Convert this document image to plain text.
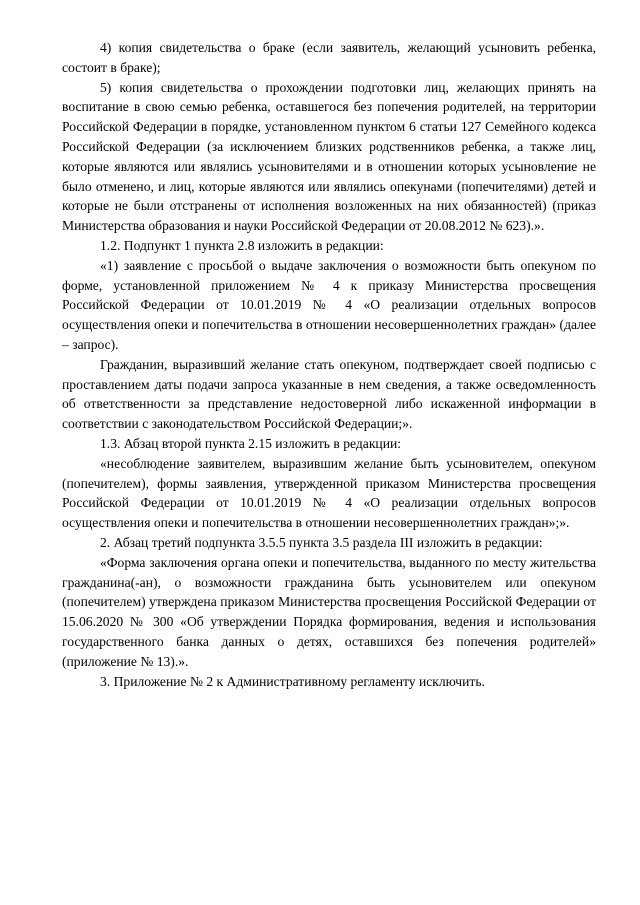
4) копия свидетельства о браке (если заявитель, желающий усыновить ребенка, состоит в браке);

5) копия свидетельства о прохождении подготовки лиц, желающих принять на воспитание в свою семью ребенка, оставшегося без попечения родителей, на территории Российской Федерации в порядке, установленном пунктом 6 статьи 127 Семейного кодекса Российской Федерации (за исключением близких родственников ребенка, а также лиц, которые являются или являлись усыновителями и в отношении которых усыновление не было отменено, и лиц, которые являются или являлись опекунами (попечителями) детей и которые не были отстранены от исполнения возложенных на них обязанностей) (приказ Министерства образования и науки Российской Федерации от 20.08.2012 № 623).».

1.2. Подпункт 1 пункта 2.8 изложить в редакции:

«1) заявление с просьбой о выдаче заключения о возможности быть опекуном по форме, установленной приложением № 4 к приказу Министерства просвещения Российской Федерации от 10.01.2019 № 4 «О реализации отдельных вопросов осуществления опеки и попечительства в отношении несовершеннолетних граждан» (далее – запрос).

Гражданин, выразивший желание стать опекуном, подтверждает своей подписью с проставлением даты подачи запроса указанные в нем сведения, а также осведомленность об ответственности за представление недостоверной либо искаженной информации в соответствии с законодательством Российской Федерации;».

1.3. Абзац второй пункта 2.15 изложить в редакции:

«несоблюдение заявителем, выразившим желание быть усыновителем, опекуном (попечителем), формы заявления, утвержденной приказом Министерства просвещения Российской Федерации от 10.01.2019 № 4 «О реализации отдельных вопросов осуществления опеки и попечительства в отношении несовершеннолетних граждан»;».

2. Абзац третий подпункта 3.5.5 пункта 3.5 раздела III изложить в редакции:

«Форма заключения органа опеки и попечительства, выданного по месту жительства гражданина(-ан), о возможности гражданина быть усыновителем или опекуном (попечителем) утверждена приказом Министерства просвещения Российской Федерации от 15.06.2020 № 300 «Об утверждении Порядка формирования, ведения и использования государственного банка данных о детях, оставшихся без попечения родителей» (приложение № 13).».

3. Приложение № 2 к Административному регламенту исключить.
